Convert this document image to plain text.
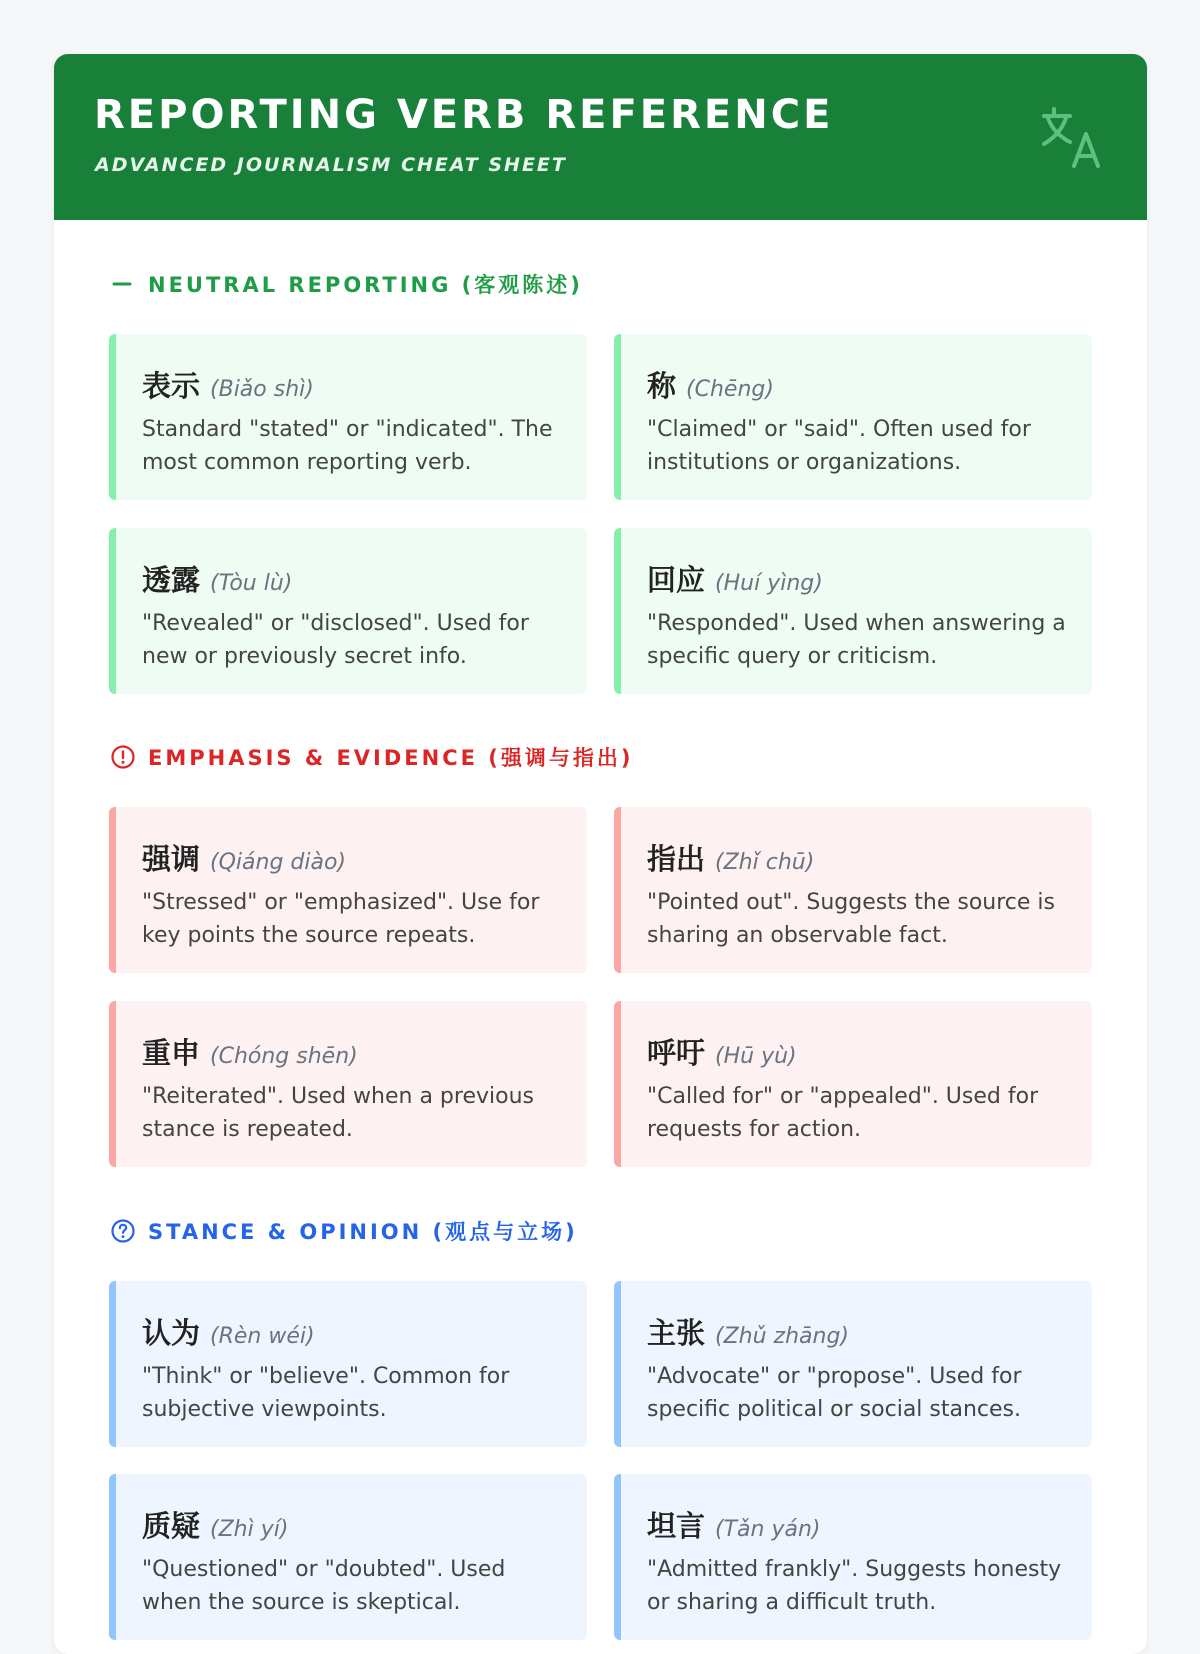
REPORTING VERB REFERENCE
ADVANCED JOURNALISM CHEAT SHEET
NEUTRAL REPORTING (客观陈述)
表示 (Biǎo shì)
Standard "stated" or "indicated". The most common reporting verb.
称 (Chēng)
"Claimed" or "said". Often used for institutions or organizations.
透露 (Tòu lù)
"Revealed" or "disclosed". Used for new or previously secret info.
回应 (Huí yìng)
"Responded". Used when answering a specific query or criticism.
EMPHASIS & EVIDENCE (强调与指出)
强调 (Qiáng diào)
"Stressed" or "emphasized". Use for key points the source repeats.
指出 (Zhǐ chū)
"Pointed out". Suggests the source is sharing an observable fact.
重申 (Chóng shēn)
"Reiterated". Used when a previous stance is repeated.
呼吁 (Hū yù)
"Called for" or "appealed". Used for requests for action.
STANCE & OPINION (观点与立场)
认为 (Rèn wéi)
"Think" or "believe". Common for subjective viewpoints.
主张 (Zhǔ zhāng)
"Advocate" or "propose". Used for specific political or social stances.
质疑 (Zhì yí)
"Questioned" or "doubted". Used when the source is skeptical.
坦言 (Tǎn yán)
"Admitted frankly". Suggests honesty or sharing a difficult truth.
